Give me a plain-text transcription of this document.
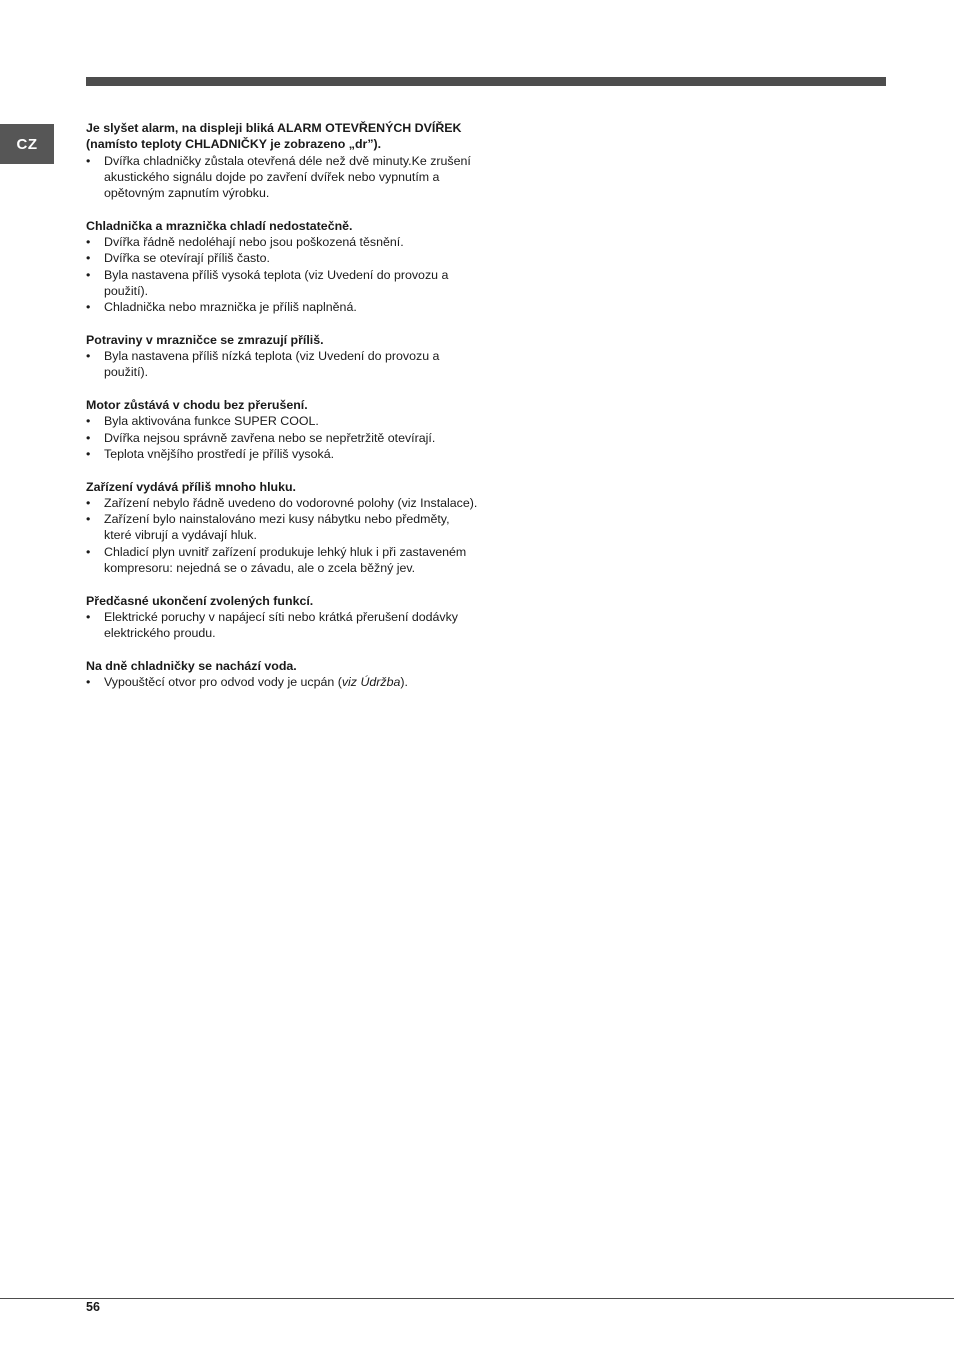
CZ

Je slyšet alarm, na displeji bliká ALARM OTEVŘENÝCH DVÍŘEK (namísto teploty CHLADNIČKY je zobrazeno „dr”).

•	Dvířka chladničky zůstala otevřená déle než dvě minuty.Ke zrušení akustického signálu dojde po zavření dvířek nebo vypnutím a opětovným zapnutím výrobku.

Chladnička a mraznička chladí nedostatečně.

•	Dvířka řádně nedoléhají nebo jsou poškozená těsnění.
•	Dvířka se otevírají příliš často.
•	Byla nastavena příliš vysoká teplota (viz Uvedení do provozu a použití).
•	Chladnička nebo mraznička je příliš naplněná.

Potraviny v mrazničce se zmrazují příliš.

•	Byla nastavena příliš nízká teplota (viz Uvedení do provozu a použití).

Motor zůstává v chodu bez přerušení.

•	Byla aktivována funkce SUPER COOL.
•	Dvířka nejsou správně zavřena nebo se nepřetržitě otevírají.
•	Teplota vnějšího prostředí je příliš vysoká.

Zařízení vydává příliš mnoho hluku.

•	Zařízení nebylo řádně uvedeno do vodorovné polohy (viz Instalace).
•	Zařízení bylo nainstalováno mezi kusy nábytku nebo předměty, které vibrují a vydávají hluk.
•	Chladicí plyn uvnitř zařízení produkuje lehký hluk i při zastaveném kompresoru: nejedná se o závadu, ale o zcela běžný jev.

Předčasné ukončení zvolených funkcí.

•	Elektrické poruchy v napájecí síti nebo krátká přerušení dodávky elektrického proudu.

Na dně chladničky se nachází voda.

•	Vypouštěcí otvor pro odvod vody je ucpán (viz Údržba).
56
